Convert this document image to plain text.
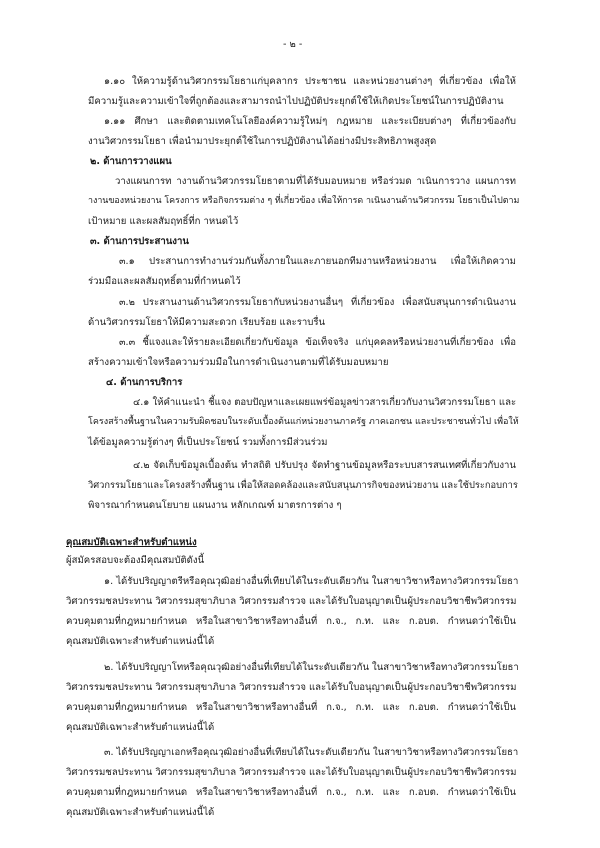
- ๒ -
๑.๑๐ ให้ความรู้ด้านวิศวกรรมโยธาแก่บุคลากร ประชาชน และหน่วยงานต่างๆ ที่เกี่ยวข้อง เพื่อให้
มีความรู้และความเข้าใจที่ถูกต้องและสามารถนำไปปฏิบัติประยุกต์ใช้ให้เกิดประโยชน์ในการปฏิบัติงาน
๑.๑๑ ศึกษา และติดตามเทคโนโลยีองค์ความรู้ใหม่ๆ กฎหมาย และระเบียบต่างๆ ที่เกี่ยวข้องกับ
งานวิศวกรรมโยธา เพื่อนำมาประยุกต์ใช้ในการปฏิบัติงานได้อย่างมีประสิทธิภาพสูงสุด
๒. ด้านการวางแผน
วางแผนการท างานด้านวิศวกรรมโยธาตามที่ได้รับมอบหมาย หรือร่วมด าเนินการวาง แผนการท
างานของหน่วยงาน โครงการ หรือกิจกรรมต่าง ๆ ที่เกี่ยวข้อง เพื่อให้การด าเนินงานด้านวิศวกรรม โยธาเป็นไปตาม
เป้าหมาย และผลสัมฤทธิ์ที่ก าหนดไว้
๓. ด้านการประสานงาน
๓.๑ ประสานการทำงานร่วมกันทั้งภายในและภายนอกทีมงานหรือหน่วยงาน เพื่อให้เกิดความ
ร่วมมือและผลสัมฤทธิ์ตามที่กำหนดไว้
๓.๒ ประสานงานด้านวิศวกรรมโยธากับหน่วยงานอื่นๆ ที่เกี่ยวข้อง เพื่อสนับสนุนการดำเนินงาน
ด้านวิศวกรรมโยธาให้มีความสะดวก เรียบร้อย และราบรื่น
๓.๓ ชี้แจงและให้รายละเอียดเกี่ยวกับข้อมูล ข้อเท็จจริง แก่บุคคลหรือหน่วยงานที่เกี่ยวข้อง เพื่อ
สร้างความเข้าใจหรือความร่วมมือในการดำเนินงานตามที่ได้รับมอบหมาย
๔. ด้านการบริการ
๔.๑ ให้คำแนะนำ ชี้แจง ตอบปัญหาและเผยแพร่ข้อมูลข่าวสารเกี่ยวกับงานวิศวกรรมโยธา และ
โครงสร้างพื้นฐานในความรับผิดชอบในระดับเบื้องต้นแก่หน่วยงานภาครัฐ ภาคเอกชน และประชาชนทั่วไป เพื่อให้
ได้ข้อมูลความรู้ต่างๆ ที่เป็นประโยชน์ รวมทั้งการมีส่วนร่วม
๔.๒ จัดเก็บข้อมูลเบื้องต้น ทำสถิติ ปรับปรุง จัดทำฐานข้อมูลหรือระบบสารสนเทศที่เกี่ยวกับงาน
วิศวกรรมโยธาและโครงสร้างพื้นฐาน เพื่อให้สอดคล้องและสนับสนุนภารกิจของหน่วยงาน และใช้ประกอบการ
พิจารณากำหนดนโยบาย แผนงาน หลักเกณฑ์ มาตรการต่าง ๆ
คุณสมบัติเฉพาะสำหรับตำแหน่ง
ผู้สมัครสอบจะต้องมีคุณสมบัติดังนี้
๑. ได้รับปริญญาตรีหรือคุณวุฒิอย่างอื่นที่เทียบได้ในระดับเดียวกัน ในสาขาวิชาหรือทางวิศวกรรมโยธา
วิศวกรรมชลประทาน วิศวกรรมสุขาภิบาล วิศวกรรมสำรวจ และได้รับใบอนุญาตเป็นผู้ประกอบวิชาชีพวิศวกรรม
ควบคุมตามที่กฎหมายกำหนด หรือในสาขาวิชาหรือทางอื่นที่ ก.จ., ก.ท. และ ก.อบต. กำหนดว่าใช้เป็น
คุณสมบัติเฉพาะสำหรับตำแหน่งนี้ได้
๒. ได้รับปริญญาโทหรือคุณวุฒิอย่างอื่นที่เทียบได้ในระดับเดียวกัน ในสาขาวิชาหรือทางวิศวกรรมโยธา
วิศวกรรมชลประทาน วิศวกรรมสุขาภิบาล วิศวกรรมสำรวจ และได้รับใบอนุญาตเป็นผู้ประกอบวิชาชีพวิศวกรรม
ควบคุมตามที่กฎหมายกำหนด หรือในสาขาวิชาหรือทางอื่นที่ ก.จ., ก.ท. และ ก.อบต. กำหนดว่าใช้เป็น
คุณสมบัติเฉพาะสำหรับตำแหน่งนี้ได้
๓. ได้รับปริญญาเอกหรือคุณวุฒิอย่างอื่นที่เทียบได้ในระดับเดียวกัน ในสาขาวิชาหรือทางวิศวกรรมโยธา
วิศวกรรมชลประทาน วิศวกรรมสุขาภิบาล วิศวกรรมสำรวจ และได้รับใบอนุญาตเป็นผู้ประกอบวิชาชีพวิศวกรรม
ควบคุมตามที่กฎหมายกำหนด หรือในสาขาวิชาหรือทางอื่นที่ ก.จ., ก.ท. และ ก.อบต. กำหนดว่าใช้เป็น
คุณสมบัติเฉพาะสำหรับตำแหน่งนี้ได้
